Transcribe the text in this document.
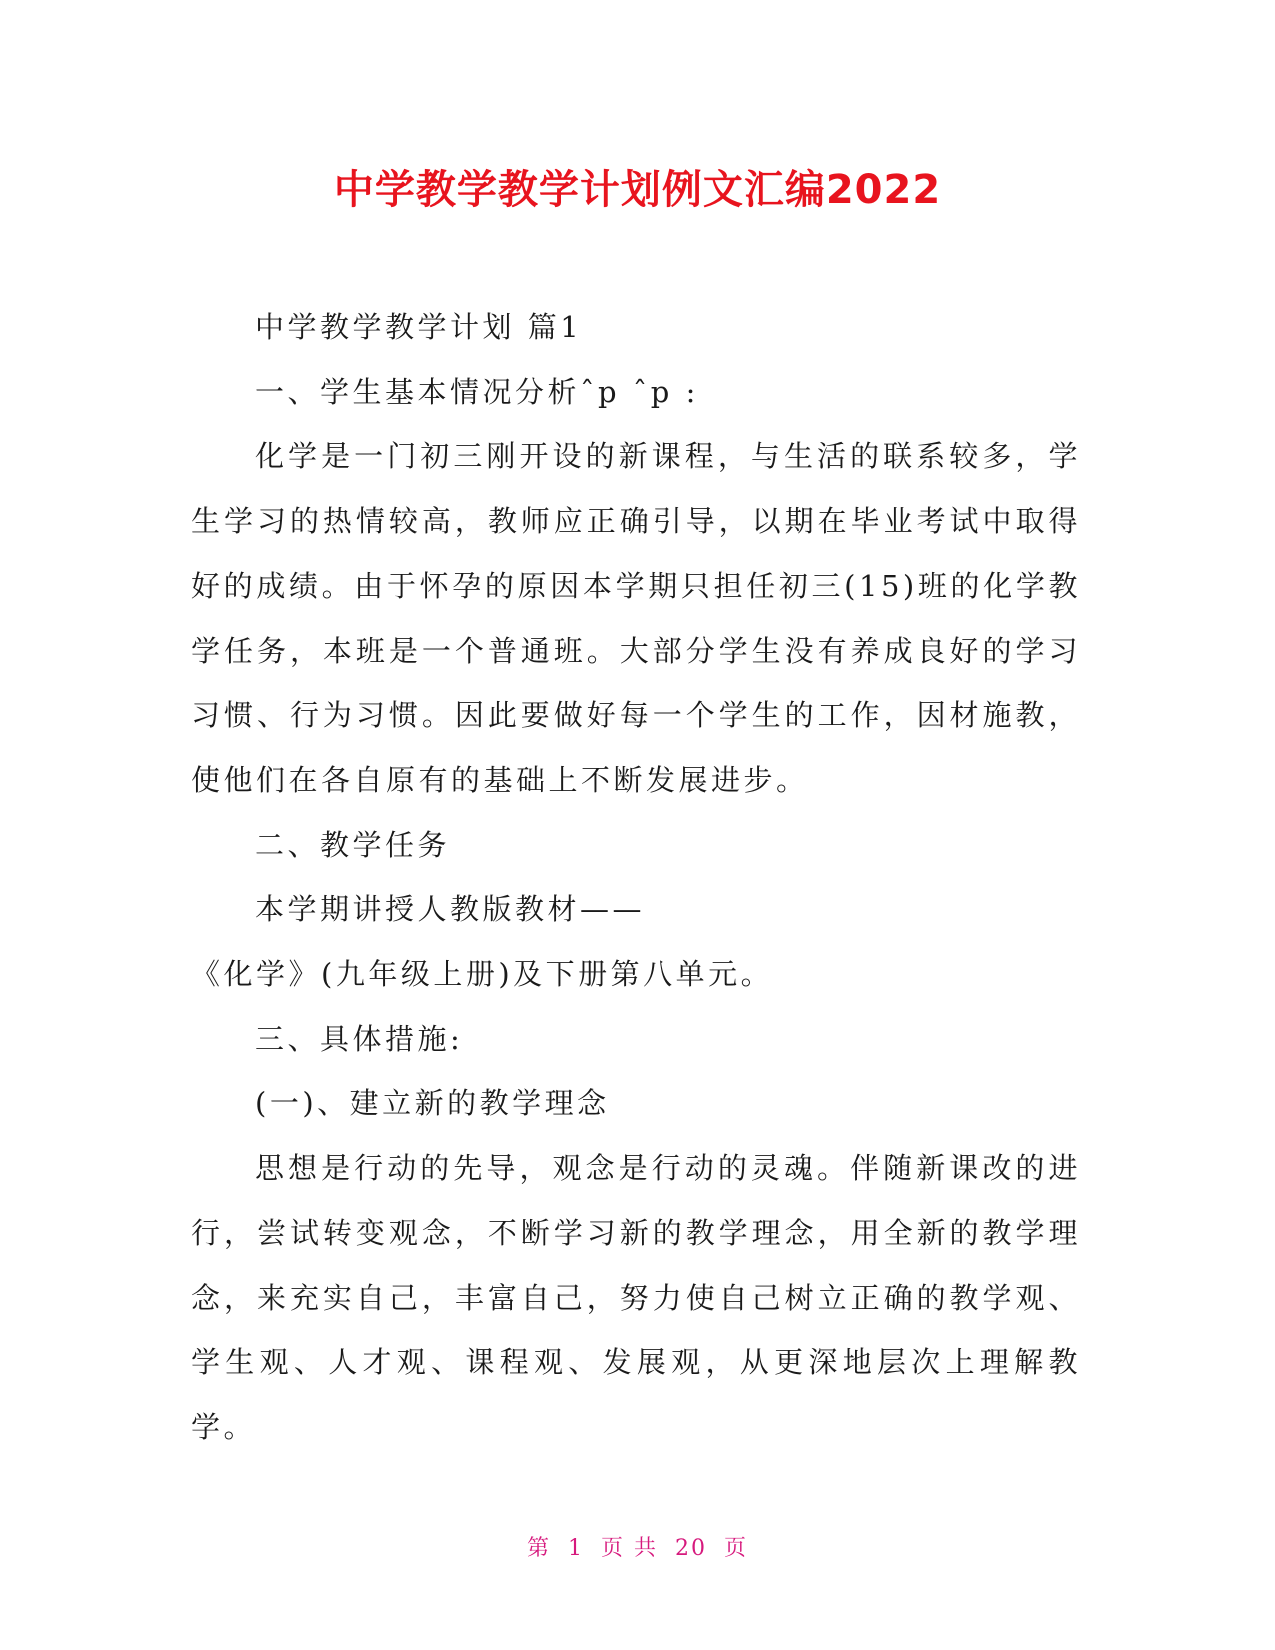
中学教学教学计划例文汇编2022

中学教学教学计划 篇1

一、学生基本情况分析ˆp ˆp :

化学是一门初三刚开设的新课程，与生活的联系较多，学生学习的热情较高，教师应正确引导，以期在毕业考试中取得好的成绩。由于怀孕的原因本学期只担任初三(15)班的化学教学任务，本班是一个普通班。大部分学生没有养成良好的学习习惯、行为习惯。因此要做好每一个学生的工作，因材施教，使他们在各自原有的基础上不断发展进步。

二、教学任务

本学期讲授人教版教材——

《化学》(九年级上册)及下册第八单元。

三、具体措施:

(一)、建立新的教学理念

思想是行动的先导，观念是行动的灵魂。伴随新课改的进行，尝试转变观念，不断学习新的教学理念，用全新的教学理念，来充实自己，丰富自己，努力使自己树立正确的教学观、学生观、人才观、课程观、发展观，从更深地层次上理解教学。

第 1 页 共 20 页
